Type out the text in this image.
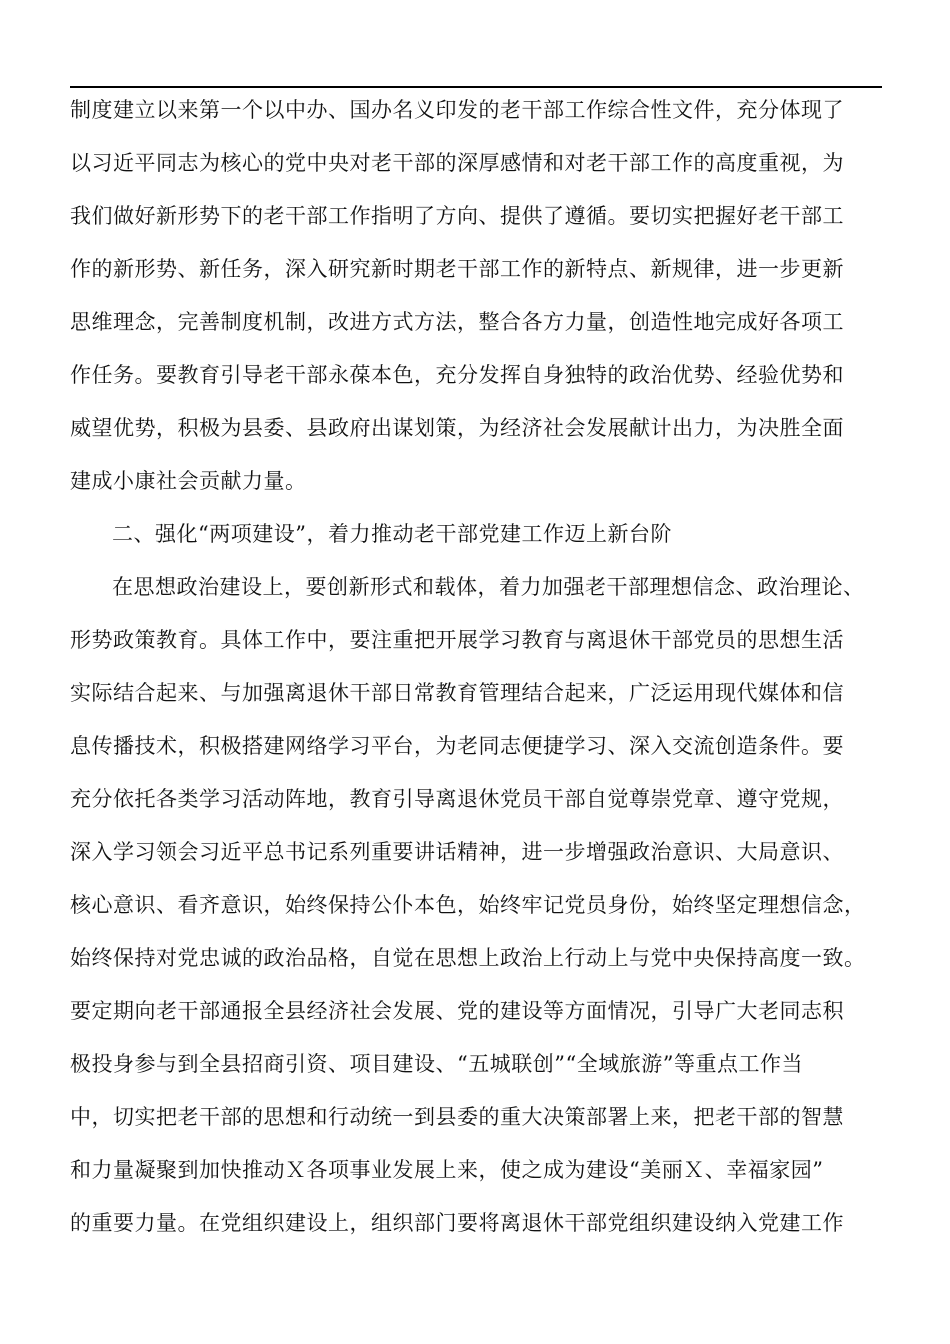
制度建立以来第一个以中办、国办名义印发的老干部工作综合性文件，充分体现了
以习近平同志为核心的党中央对老干部的深厚感情和对老干部工作的高度重视，为
我们做好新形势下的老干部工作指明了方向、提供了遵循。要切实把握好老干部工
作的新形势、新任务，深入研究新时期老干部工作的新特点、新规律，进一步更新
思维理念，完善制度机制，改进方式方法，整合各方力量，创造性地完成好各项工
作任务。要教育引导老干部永葆本色，充分发挥自身独特的政治优势、经验优势和
威望优势，积极为县委、县政府出谋划策，为经济社会发展献计出力，为决胜全面
建成小康社会贡献力量。
二、强化“两项建设”，着力推动老干部党建工作迈上新台阶
在思想政治建设上，要创新形式和载体，着力加强老干部理想信念、政治理论、
形势政策教育。具体工作中，要注重把开展学习教育与离退休干部党员的思想生活
实际结合起来、与加强离退休干部日常教育管理结合起来，广泛运用现代媒体和信
息传播技术，积极搭建网络学习平台，为老同志便捷学习、深入交流创造条件。要
充分依托各类学习活动阵地，教育引导离退休党员干部自觉尊崇党章、遵守党规，
深入学习领会习近平总书记系列重要讲话精神，进一步增强政治意识、大局意识、
核心意识、看齐意识，始终保持公仆本色，始终牢记党员身份，始终坚定理想信念，
始终保持对党忠诚的政治品格，自觉在思想上政治上行动上与党中央保持高度一致。
要定期向老干部通报全县经济社会发展、党的建设等方面情况，引导广大老同志积
极投身参与到全县招商引资、项目建设、“五城联创”“全域旅游”等重点工作当
中，切实把老干部的思想和行动统一到县委的重大决策部署上来，把老干部的智慧
和力量凝聚到加快推动Ｘ各项事业发展上来，使之成为建设“美丽Ｘ、幸福家园”
的重要力量。在党组织建设上，组织部门要将离退休干部党组织建设纳入党建工作
